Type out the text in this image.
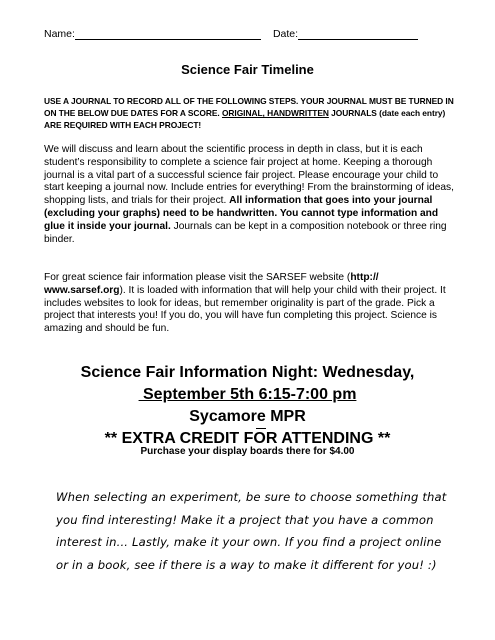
Name:	Date:
Science Fair Timeline
USE A JOURNAL TO RECORD ALL OF THE FOLLOWING STEPS. YOUR JOURNAL MUST BE TURNED IN ON THE BELOW DUE DATES FOR A SCORE. ORIGINAL, HANDWRITTEN JOURNALS (date each entry) ARE REQUIRED WITH EACH PROJECT!
We will discuss and learn about the scientific process in depth in class, but it is each student’s responsibility to complete a science fair project at home. Keeping a thorough journal is a vital part of a successful science fair project. Please encourage your child to start keeping a journal now. Include entries for everything! From the brainstorming of ideas, shopping lists, and trials for their project. All information that goes into your journal (excluding your graphs) need to be handwritten. You cannot type information and glue it inside your journal. Journals can be kept in a composition notebook or three ring binder.
For great science fair information please visit the SARSEF website (http://
www.sarsef.org). It is loaded with information that will help your child with their project. It includes websites to look for ideas, but remember originality is part of the grade. Pick a project that interests you! If you do, you will have fun completing this project. Science is amazing and should be fun.
Science Fair Information Night: Wednesday,
September 5th 6:15-7:00 pm
Sycamore MPR
** EXTRA CREDIT FOR ATTENDING **
Purchase your display boards there for $4.00
When selecting an experiment, be sure to choose something that you find interesting! Make it a project that you have a common interest in... Lastly, make it your own. If you find a project online or in a book, see if there is a way to make it different for you! :)
